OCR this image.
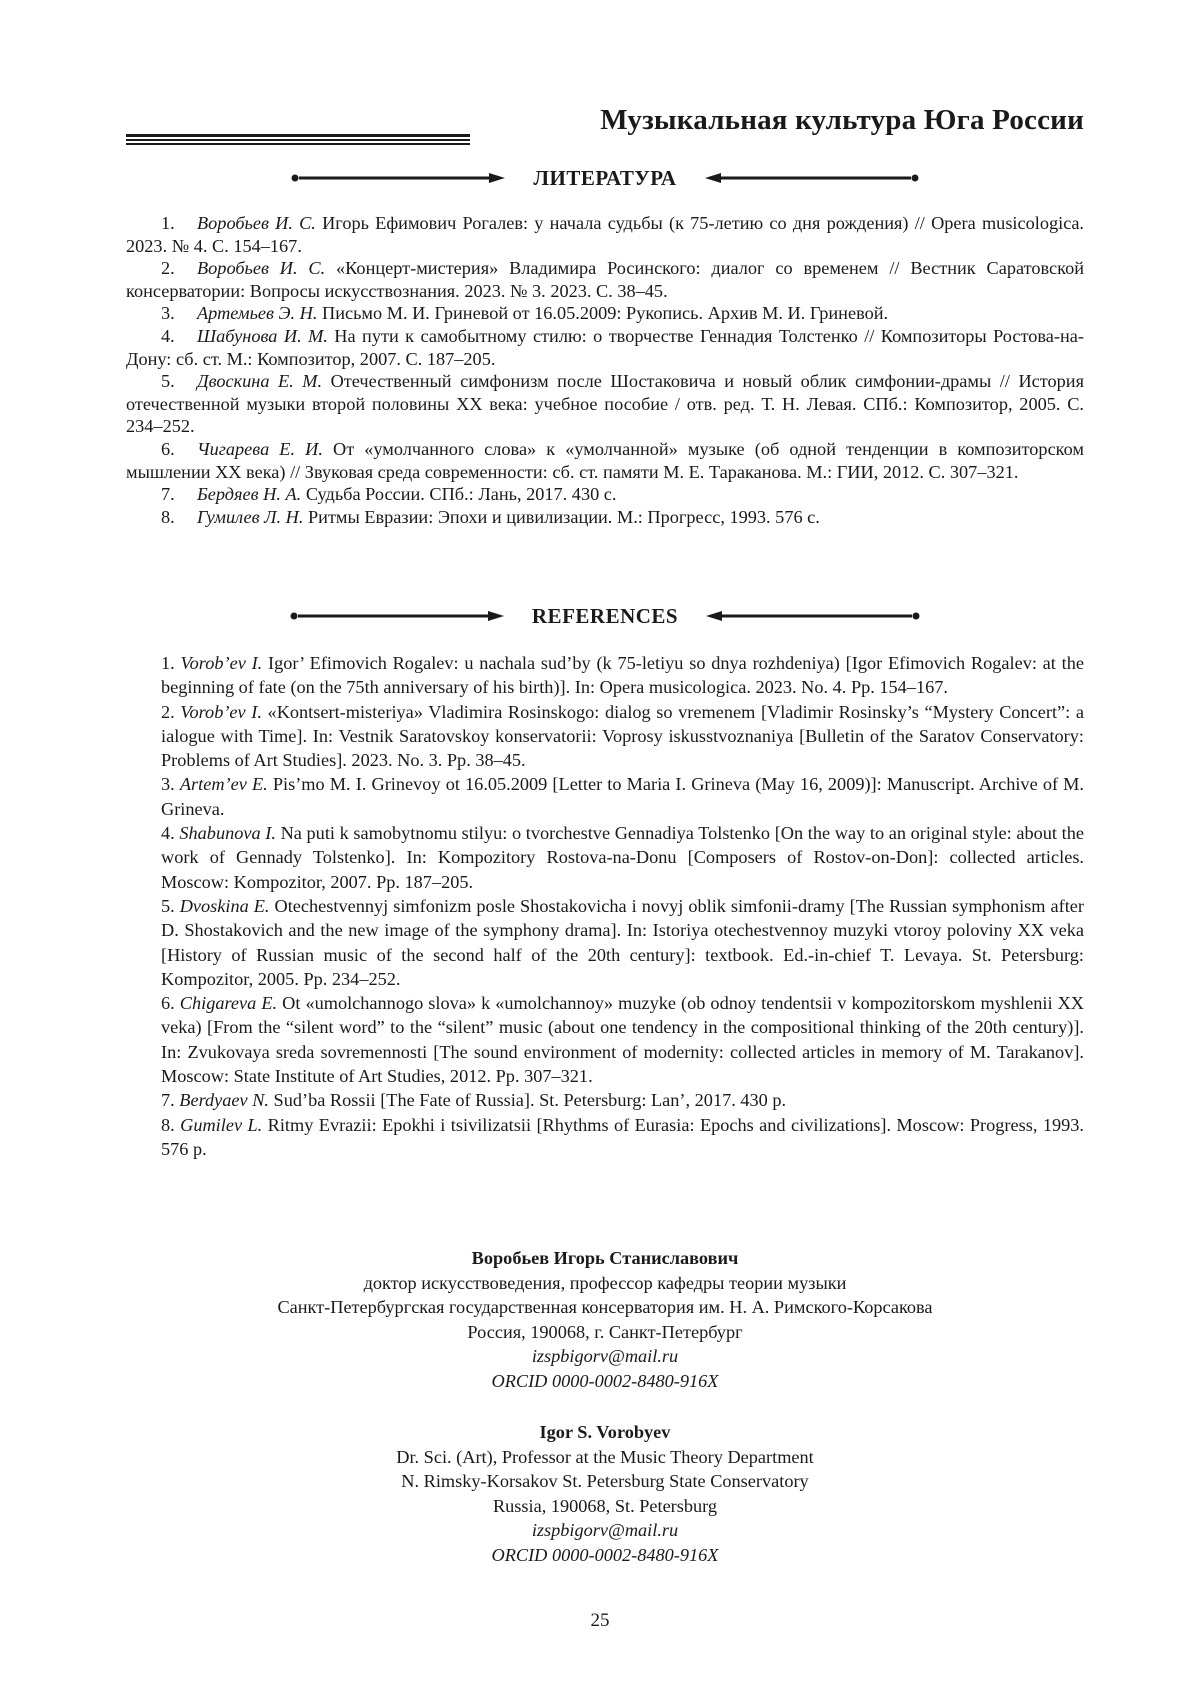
Музыкальная культура Юга России
ЛИТЕРАТУРА

1. Воробьев И. С. Игорь Ефимович Рогалев: у начала судьбы (к 75-летию со дня рождения) // Opera musicologica. 2023. № 4. С. 154–167.

2. Воробьев И. С. «Концерт-мистерия» Владимира Росинского: диалог со временем // Вестник Саратовской консерватории: Вопросы искусствознания. 2023. № 3. 2023. С. 38–45.

3. Артемьев Э. Н. Письмо М. И. Гриневой от 16.05.2009: Рукопись. Архив М. И. Гриневой.

4. Шабунова И. М. На пути к самобытному стилю: о творчестве Геннадия Толстенко // Композиторы Ростова-на-Дону: сб. ст. М.: Композитор, 2007. С. 187–205.

5. Двоскина Е. М. Отечественный симфонизм после Шостаковича и новый облик симфонии-драмы // История отечественной музыки второй половины XX века: учебное пособие / отв. ред. Т. Н. Левая. СПб.: Композитор, 2005. С. 234–252.

6. Чигарева Е. И. От «умолчанного слова» к «умолчанной» музыке (об одной тенденции в композиторском мышлении XX века) // Звуковая среда современности: сб. ст. памяти М. Е. Тараканова. М.: ГИИ, 2012. С. 307–321.

7. Бердяев Н. А. Судьба России. СПб.: Лань, 2017. 430 с.

8. Гумилев Л. Н. Ритмы Евразии: Эпохи и цивилизации. М.: Прогресс, 1993. 576 с.

REFERENCES

1. Vorob’ev I. Igor’ Efimovich Rogalev: u nachala sud’by (k 75-letiyu so dnya rozhdeniya) [Igor Efimovich Rogalev: at the beginning of fate (on the 75th anniversary of his birth)]. In: Opera musicologica. 2023. No. 4. Pp. 154–167.

2. Vorob’ev I. «Kontsert-misteriya» Vladimira Rosinskogo: dialog so vremenem [Vladimir Rosinsky’s “Mystery Concert”: a ialogue with Time]. In: Vestnik Saratovskoy konservatorii: Voprosy iskusstvoznaniya [Bulletin of the Saratov Conservatory: Problems of Art Studies]. 2023. No. 3. Pp. 38–45.

3. Artem’ev E. Pis’mo M. I. Grinevoy ot 16.05.2009 [Letter to Maria I. Grineva (May 16, 2009)]: Manuscript. Archive of M. Grineva.

4. Shabunova I. Na puti k samobytnomu stilyu: o tvorchestve Gennadiya Tolstenko [On the way to an original style: about the work of Gennady Tolstenko]. In: Kompozitory Rostova-na-Donu [Composers of Rostov-on-Don]: collected articles. Moscow: Kompozitor, 2007. Pp. 187–205.

5. Dvoskina E. Otechestvennyj simfonizm posle Shostakovicha i novyj oblik simfonii-dramy [The Russian symphonism after D. Shostakovich and the new image of the symphony drama]. In: Istoriya otechestvennoy muzyki vtoroy poloviny XX veka [History of Russian music of the second half of the 20th century]: textbook. Ed.-in-chief T. Levaya. St. Petersburg: Kompozitor, 2005. Pp. 234–252.

6. Chigareva E. Ot «umolchannogo slova» k «umolchannoy» muzyke (ob odnoy tendentsii v kompozitorskom myshlenii XX veka) [From the “silent word” to the “silent” music (about one tendency in the compositional thinking of the 20th century)]. In: Zvukovaya sreda sovremennosti [The sound environment of modernity: collected articles in memory of M. Tarakanov]. Moscow: State Institute of Art Studies, 2012. Pp. 307–321.

7. Berdyaev N. Sud’ba Rossii [The Fate of Russia]. St. Petersburg: Lan’, 2017. 430 p.

8. Gumilev L. Ritmy Evrazii: Epokhi i tsivilizatsii [Rhythms of Eurasia: Epochs and civilizations]. Moscow: Progress, 1993. 576 p.

Воробьев Игорь Станиславович
доктор искусствоведения, профессор кафедры теории музыки
Санкт-Петербургская государственная консерватория им. Н. А. Римского-Корсакова
Россия, 190068, г. Санкт-Петербург
izspbigorv@mail.ru
ORCID 0000-0002-8480-916X
Igor S. Vorobyev
Dr. Sci. (Art), Professor at the Music Theory Department
N. Rimsky-Korsakov St. Petersburg State Conservatory
Russia, 190068, St. Petersburg
izspbigorv@mail.ru
ORCID 0000-0002-8480-916X
25
